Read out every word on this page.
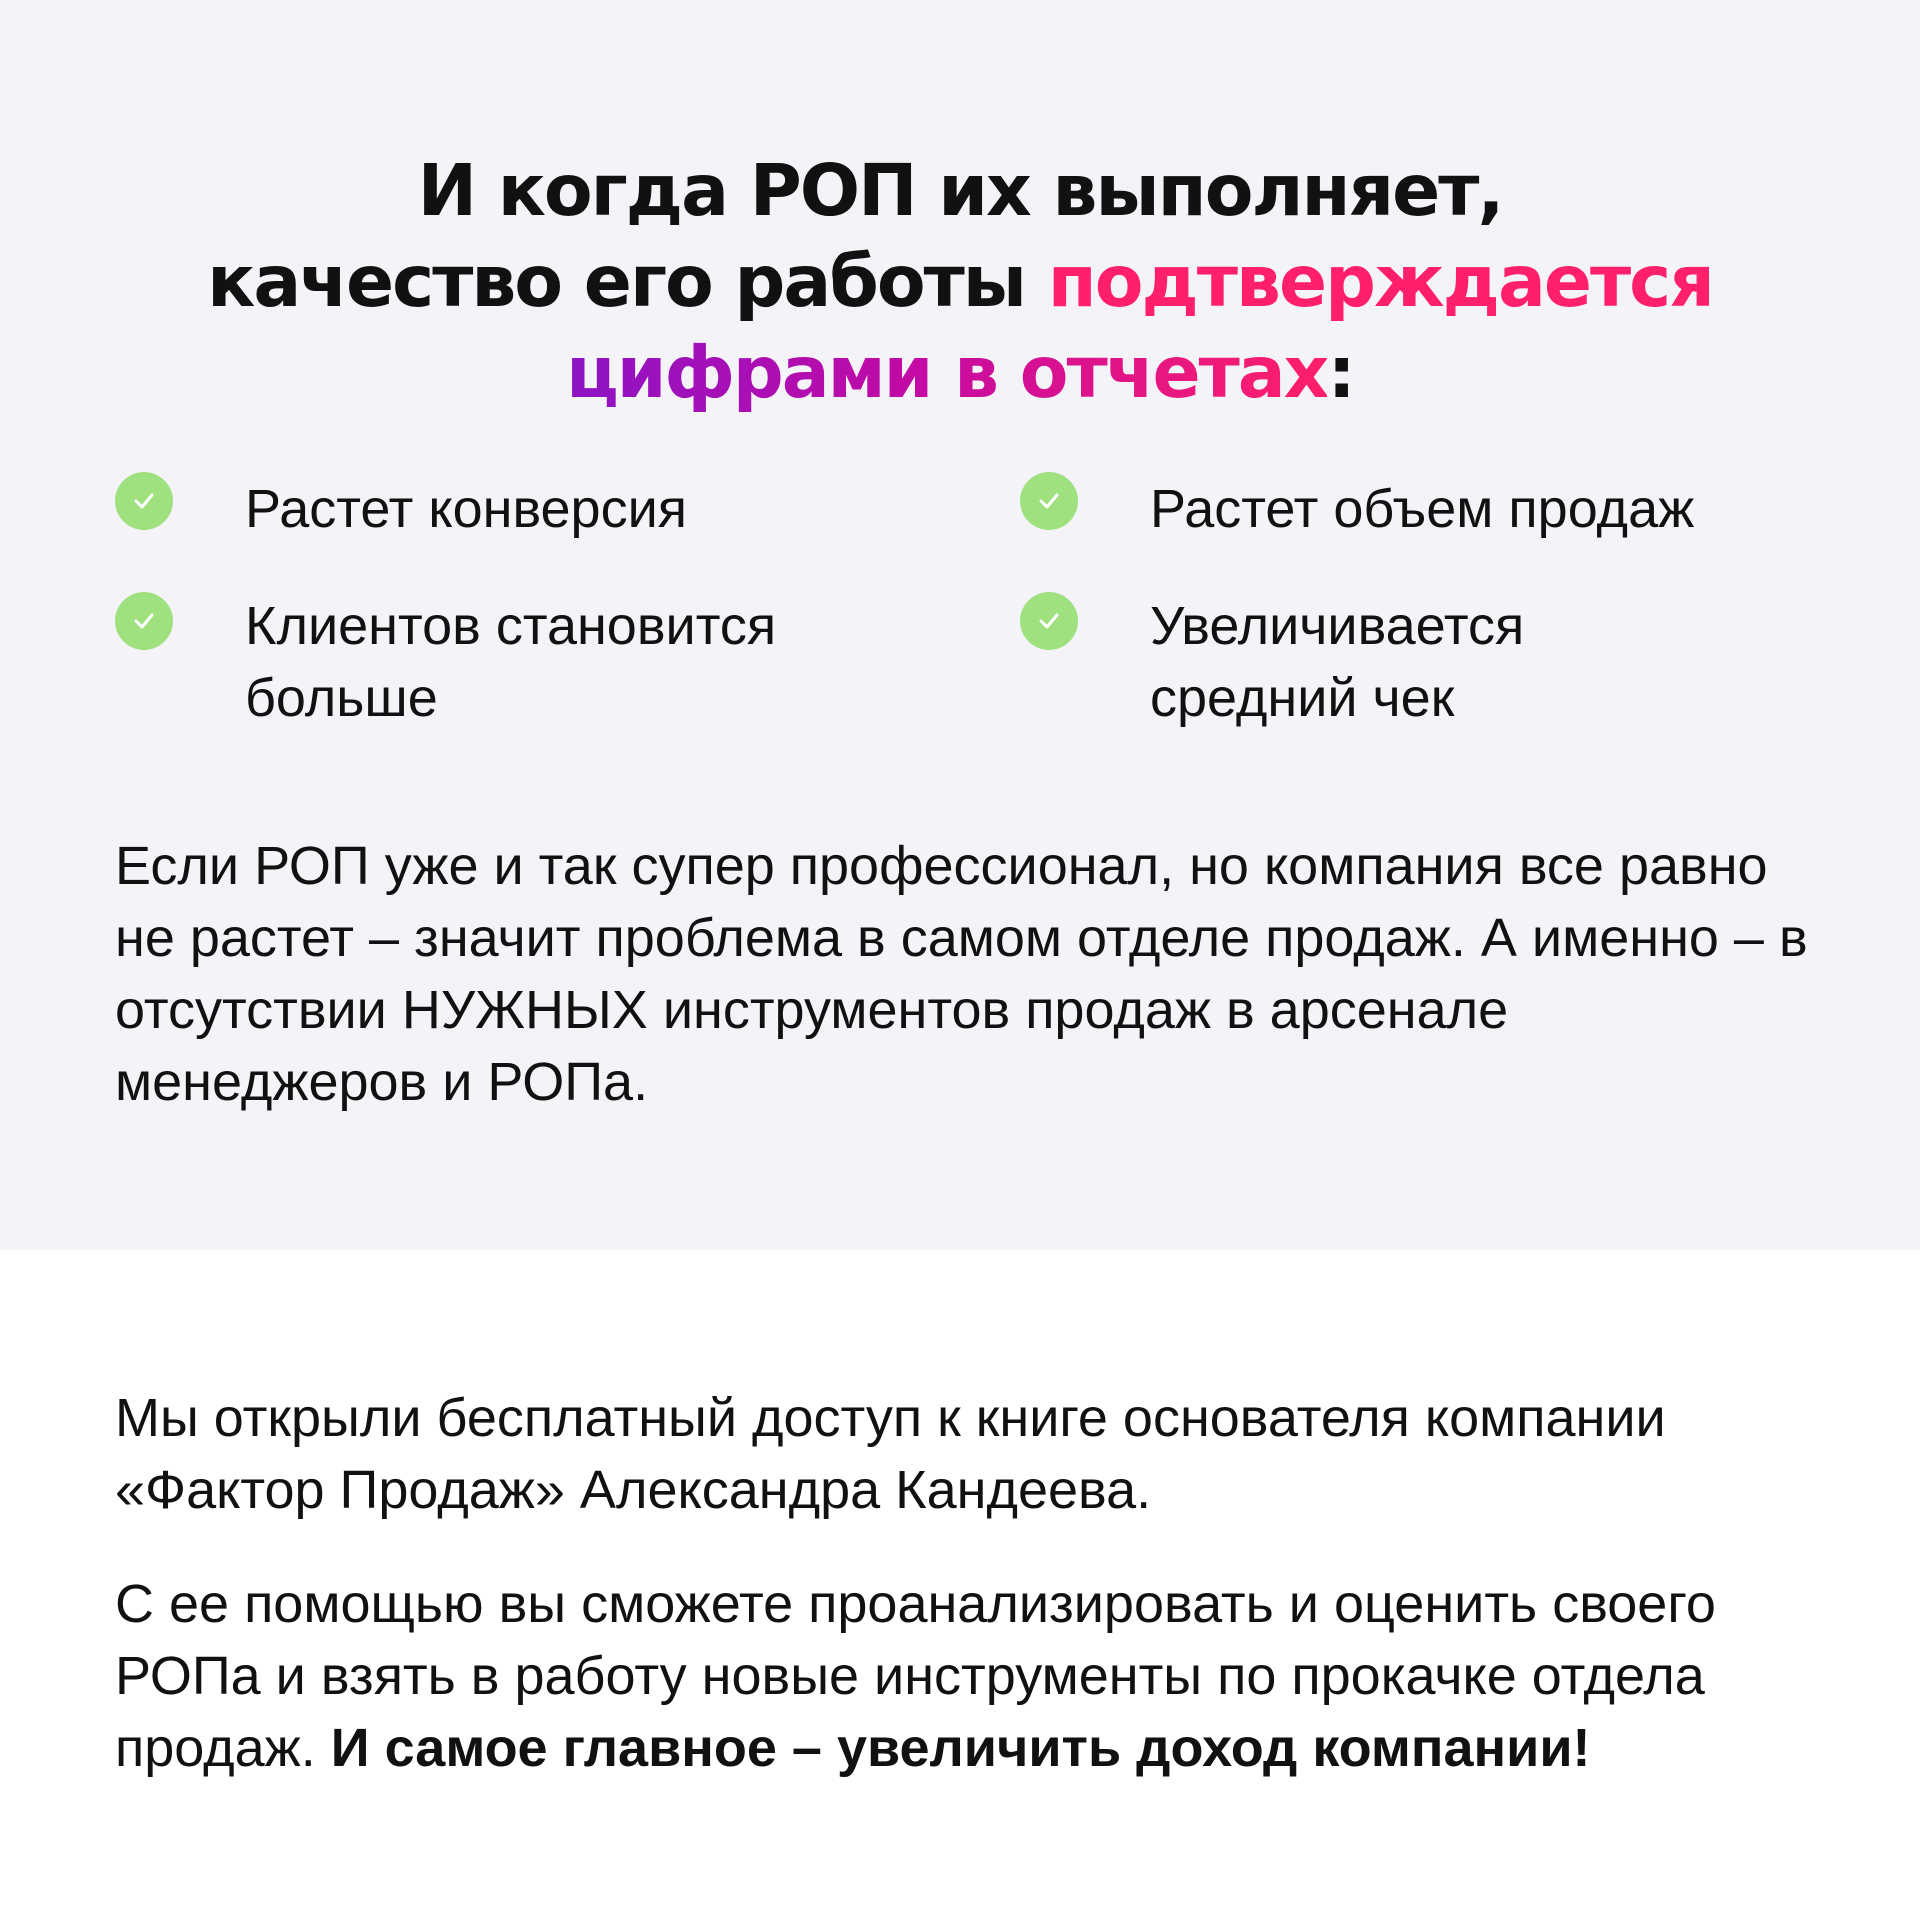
И когда РОП их выполняет,
качество его работы подтверждается
цифрами в отчетах:
Растет конверсия	Растет объем продаж
Клиентов становится
больше
Увеличивается
средний чек

Если РОП уже и так супер профессионал, но компания все равно не растет – значит проблема в самом отделе продаж. А именно – в отсутствии НУЖНЫХ инструментов продаж в арсенале менеджеров и РОПа.

Мы открыли бесплатный доступ к книге основателя компании «Фактор Продаж» Александра Кандеева.

С ее помощью вы сможете проанализировать и оценить своего РОПа и взять в работу новые инструменты по прокачке отдела продаж. И самое главное – увеличить доход компании!
